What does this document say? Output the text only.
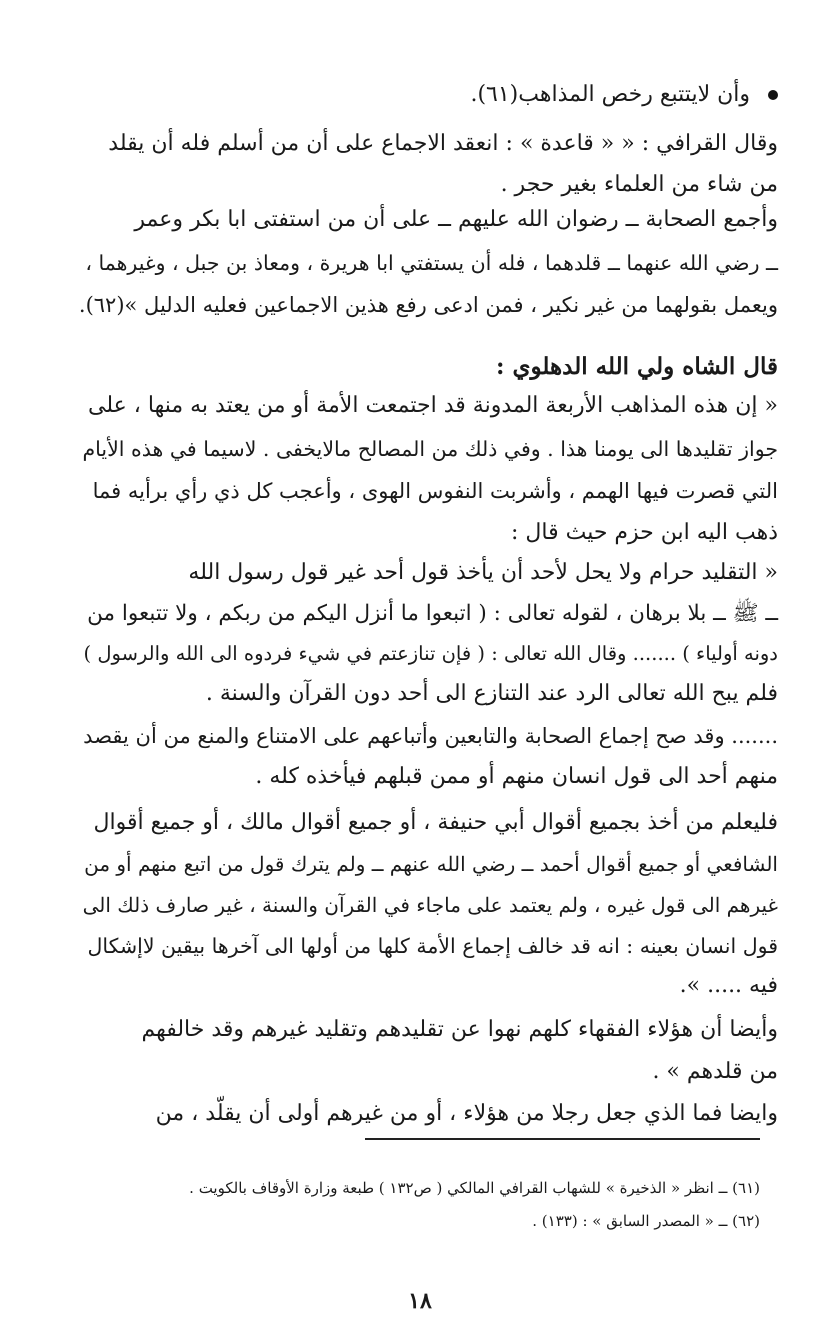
وأن لايتتبع رخص المذاهب(٦١).
وقال القرافي : « « قاعدة » : انعقد الاجماع على أن من أسلم فله أن يقلد
من شاء من العلماء بغير حجر .
وأجمع الصحابة ــ رضوان الله عليهم ــ على أن من استفتى ابا بكر وعمر
ــ رضي الله عنهما ــ قلدهما ، فله أن يستفتي ابا هريرة ، ومعاذ بن جبل ، وغيرهما ،
ويعمل بقولهما من غير نكير ، فمن ادعى رفع هذين الاجماعين فعليه الدليل »(٦٢).
قال الشاه ولي الله الدهلوي :
« إن هذه المذاهب الأربعة المدونة قد اجتمعت الأمة أو من يعتد به منها ، على
جواز تقليدها الى يومنا هذا . وفي ذلك من المصالح مالايخفى . لاسيما في هذه الأيام
التي قصرت فيها الهمم ، وأشربت النفوس الهوى ، وأعجب كل ذي رأي برأيه فما
ذهب اليه ابن حزم حيث قال :
« التقليد حرام ولا يحل لأحد أن يأخذ قول أحد غير قول رسول الله
ــ ﷺ ــ بلا برهان ، لقوله تعالى : ( اتبعوا ما أنزل اليكم من ربكم ، ولا تتبعوا من
دونه أولياء ) ....... وقال الله تعالى : ( فإن تنازعتم في شيء فردوه الى الله والرسول )
فلم يبح الله تعالى الرد عند التنازع الى أحد دون القرآن والسنة .
....... وقد صح إجماع الصحابة والتابعين وأتباعهم على الامتناع والمنع من أن يقصد
منهم أحد الى قول انسان منهم أو ممن قبلهم فيأخذه كله .
فليعلم من أخذ بجميع أقوال أبي حنيفة ، أو جميع أقوال مالك ، أو جميع أقوال
الشافعي أو جميع أقوال أحمد ــ رضي الله عنهم ــ ولم يترك قول من اتبع منهم أو من
غيرهم الى قول غيره ، ولم يعتمد على ماجاء في القرآن والسنة ، غير صارف ذلك الى
قول انسان بعينه : انه قد خالف إجماع الأمة كلها من أولها الى آخرها بيقين لاإشكال
فيه ..... ».
وأيضا أن هؤلاء الفقهاء كلهم نهوا عن تقليدهم وتقليد غيرهم وقد خالفهم
من قلدهم » .
وايضا فما الذي جعل رجلا من هؤلاء ، أو من غيرهم أولى أن يقلّد ، من
(٦١) ــ انظر « الذخيرة » للشهاب القرافي المالكي ( ص١٣٢ ) طبعة وزارة الأوقاف بالكويت .
(٦٢) ــ « المصدر السابق » : (١٣٣) .
١٨
